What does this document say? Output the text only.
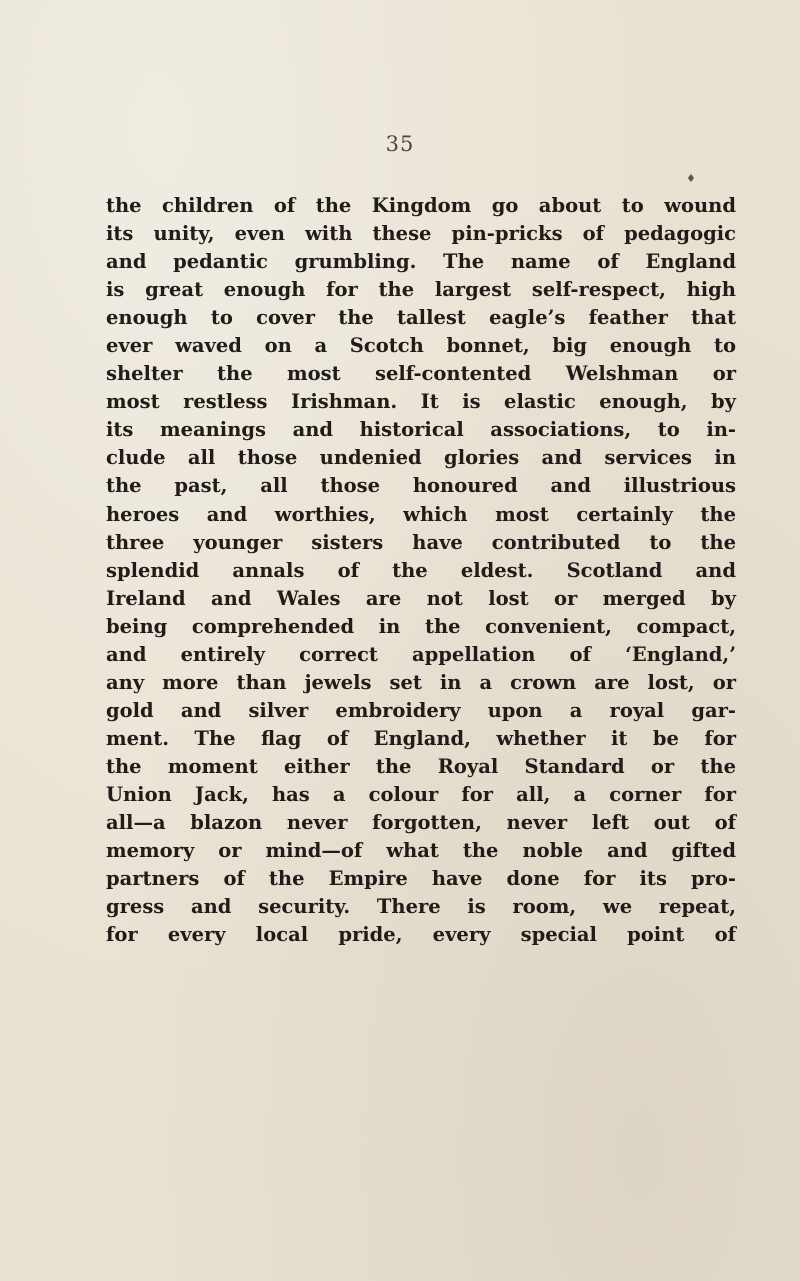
35
♦
the children of the Kingdom go about to wound
its unity, even with these pin-pricks of pedagogic
and pedantic grumbling. The name of England
is great enough for the largest self-respect, high
enough to cover the tallest eagle’s feather that
ever waved on a Scotch bonnet, big enough to
shelter the most self-contented Welshman or
most restless Irishman. It is elastic enough, by
its meanings and historical associations, to in-
clude all those undenied glories and services in
the past, all those honoured and illustrious
heroes and worthies, which most certainly the
three younger sisters have contributed to the
splendid annals of the eldest. Scotland and
Ireland and Wales are not lost or merged by
being comprehended in the convenient, compact,
and entirely correct appellation of ‘England,’
any more than jewels set in a crown are lost, or
gold and silver embroidery upon a royal gar-
ment. The flag of England, whether it be for
the moment either the Royal Standard or the
Union Jack, has a colour for all, a corner for
all—a blazon never forgotten, never left out of
memory or mind—of what the noble and gifted
partners of the Empire have done for its pro-
gress and security. There is room, we repeat,
for every local pride, every special point of
